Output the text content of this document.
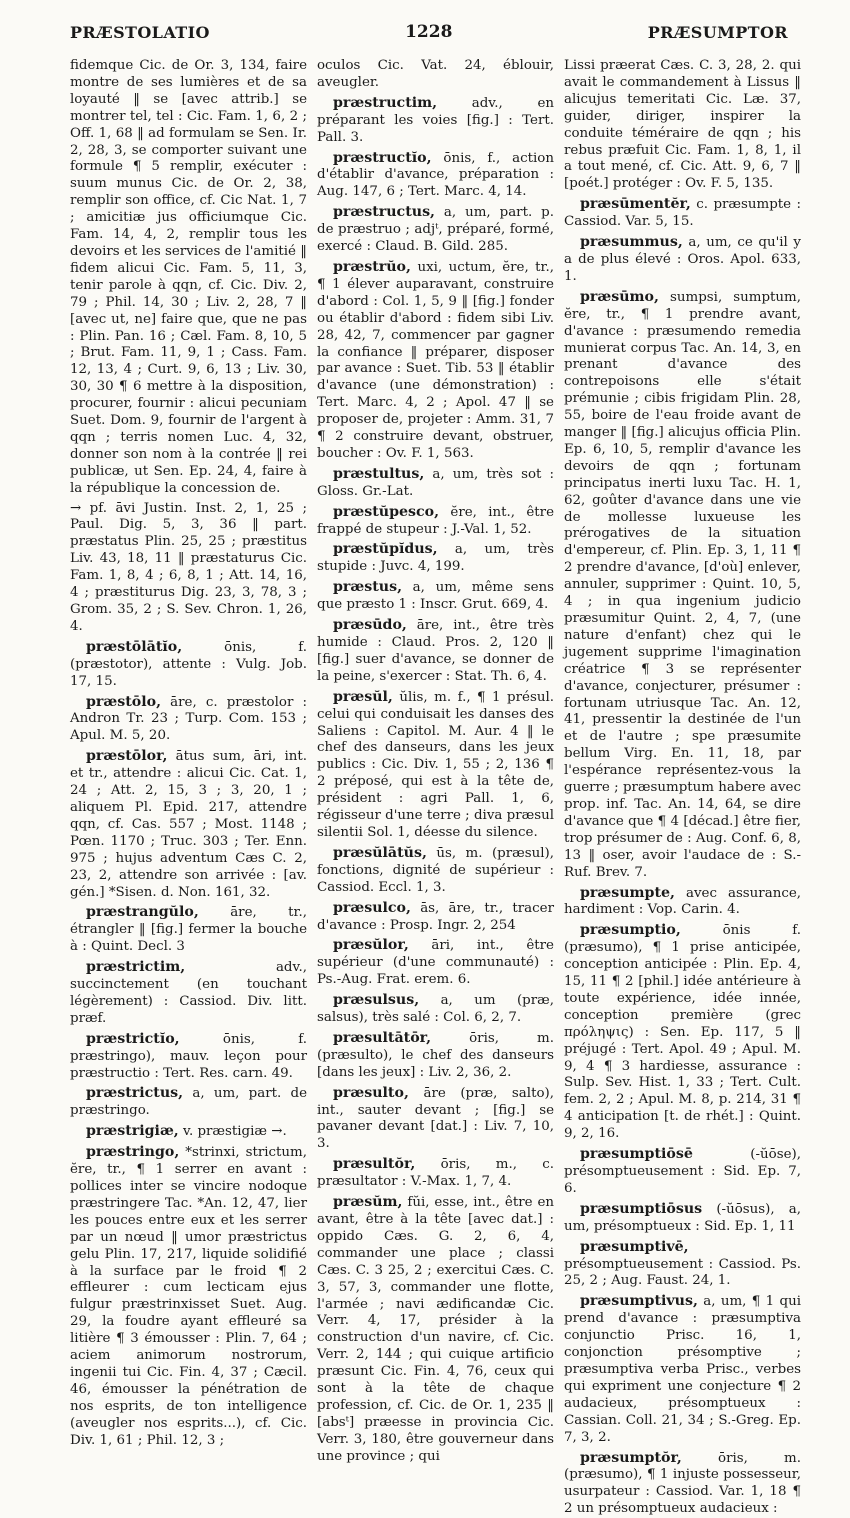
PRÆSTOLATIO	1228	PRÆSUMPTOR

fidemque Cic. de Or. 3, 134, faire montre de ses lumières et de sa loyauté ‖ se [avec attrib.] se montrer tel, tel : Cic. Fam. 1, 6, 2 ; Off. 1, 68 ‖ ad formulam se Sen. Ir. 2, 28, 3, se comporter suivant une formule ¶ 5 remplir, exécuter : suum munus Cic. de Or. 2, 38, remplir son office, cf. Cic Nat. 1, 7 ; amicitiæ jus officiumque Cic. Fam. 14, 4, 2, remplir tous les devoirs et les services de l'amitié ‖ fidem alicui Cic. Fam. 5, 11, 3, tenir parole à qqn, cf. Cic. Div. 2, 79 ; Phil. 14, 30 ; Liv. 2, 28, 7 ‖ [avec ut, ne] faire que, que ne pas : Plin. Pan. 16 ; Cæl. Fam. 8, 10, 5 ; Brut. Fam. 11, 9, 1 ; Cass. Fam. 12, 13, 4 ; Curt. 9, 6, 13 ; Liv. 30, 30, 30 ¶ 6 mettre à la disposition, procurer, fournir : alicui pecuniam Suet. Dom. 9, fournir de l'argent à qqn ; terris nomen Luc. 4, 32, donner son nom à la contrée ‖ rei publicæ, ut Sen. Ep. 24, 4, faire à la république la concession de.

→ pf. āvi Justin. Inst. 2, 1, 25 ; Paul. Dig. 5, 3, 36 ‖ part. præstatus Plin. 25, 25 ; præstitus Liv. 43, 18, 11 ‖ præstaturus Cic. Fam. 1, 8, 4 ; 6, 8, 1 ; Att. 14, 16, 4 ; præstiturus Dig. 23, 3, 78, 3 ; Grom. 35, 2 ; S. Sev. Chron. 1, 26, 4.

præstōlātĭo, ōnis, f. (præstotor), attente : Vulg. Job. 17, 15.

præstōlo, āre, c. præstolor : Andron Tr. 23 ; Turp. Com. 153 ; Apul. M. 5, 20.

præstōlor, ātus sum, āri, int. et tr., attendre : alicui Cic. Cat. 1, 24 ; Att. 2, 15, 3 ; 3, 20, 1 ; aliquem Pl. Epid. 217, attendre qqn, cf. Cas. 557 ; Most. 1148 ; Pœn. 1170 ; Truc. 303 ; Ter. Enn. 975 ; hujus adventum Cæs C. 2, 23, 2, attendre son arrivée : [av. gén.] *Sisen. d. Non. 161, 32.

præstrangŭlo, āre, tr., étrangler ‖ [fig.] fermer la bouche à : Quint. Decl. 3

præstrictim, adv., succinctement (en touchant légèrement) : Cassiod. Div. litt. præf.

præstrictĭo, ōnis, f. præstringo), mauv. leçon pour præstructio : Tert. Res. carn. 49.

præstrictus, a, um, part. de præstringo.

præstrigiæ, v. præstigiæ →.

præstringo, *strinxi, strictum, ĕre, tr., ¶ 1 serrer en avant : pollices inter se vincire nodoque præstringere Tac. *An. 12, 47, lier les pouces entre eux et les serrer par un nœud ‖ umor præstrictus gelu Plin. 17, 217, liquide solidifié à la surface par le froid ¶ 2 effleurer : cum lecticam ejus fulgur præstrinxisset Suet. Aug. 29, la foudre ayant effleuré sa litière ¶ 3 émousser : Plin. 7, 64 ; aciem animorum nostrorum, ingenii tui Cic. Fin. 4, 37 ; Cæcil. 46, émousser la pénétration de nos esprits, de ton intelligence (aveugler nos esprits...), cf. Cic. Div. 1, 61 ; Phil. 12, 3 ;

oculos Cic. Vat. 24, éblouir, aveugler.

præstructim, adv., en préparant les voies [fig.] : Tert. Pall. 3.

præstructĭo, ōnis, f., action d'établir d'avance, préparation : Aug. 147, 6 ; Tert. Marc. 4, 14.

præstructus, a, um, part. p. de præstruo ; adjᵗ, préparé, formé, exercé : Claud. B. Gild. 285.

præstrŭo, uxi, uctum, ĕre, tr., ¶ 1 élever auparavant, construire d'abord : Col. 1, 5, 9 ‖ [fig.] fonder ou établir d'abord : fidem sibi Liv. 28, 42, 7, commencer par gagner la confiance ‖ préparer, disposer par avance : Suet. Tib. 53 ‖ établir d'avance (une démonstration) : Tert. Marc. 4, 2 ; Apol. 47 ‖ se proposer de, projeter : Amm. 31, 7 ¶ 2 construire devant, obstruer, boucher : Ov. F. 1, 563.

præstultus, a, um, très sot : Gloss. Gr.-Lat.

præstŭpesco, ĕre, int., être frappé de stupeur : J.-Val. 1, 52.

præstŭpĭdus, a, um, très stupide : Juvc. 4, 199.

præstus, a, um, même sens que præsto 1 : Inscr. Grut. 669, 4.

præsūdo, āre, int., être très humide : Claud. Pros. 2, 120 ‖ [fig.] suer d'avance, se donner de la peine, s'exercer : Stat. Th. 6, 4.

præsŭl, ŭlis, m. f., ¶ 1 présul. celui qui conduisait les danses des Saliens : Capitol. M. Aur. 4 ‖ le chef des danseurs, dans les jeux publics : Cic. Div. 1, 55 ; 2, 136 ¶ 2 préposé, qui est à la tête de, président : agri Pall. 1, 6, régisseur d'une terre ; diva præsul silentii Sol. 1, déesse du silence.

præsŭlātŭs, ūs, m. (præsul), fonctions, dignité de supérieur : Cassiod. Eccl. 1, 3.

præsulco, ās, āre, tr., tracer d'avance : Prosp. Ingr. 2, 254

præsŭlor, āri, int., être supérieur (d'une communauté) : Ps.-Aug. Frat. erem. 6.

præsulsus, a, um (præ, salsus), très salé : Col. 6, 2, 7.

præsultātōr, ōris, m. (præsulto), le chef des danseurs [dans les jeux] : Liv. 2, 36, 2.

præsulto, āre (præ, salto), int., sauter devant ; [fig.] se pavaner devant [dat.] : Liv. 7, 10, 3.

præsultŏr, ōris, m., c. præsultator : V.-Max. 1, 7, 4.

præsŭm, fŭi, esse, int., être en avant, être à la tête [avec dat.] : oppido Cæs. G. 2, 6, 4, commander une place ; classi Cæs. C. 3 25, 2 ; exercitui Cæs. C. 3, 57, 3, commander une flotte, l'armée ; navi ædificandæ Cic. Verr. 4, 17, présider à la construction d'un navire, cf. Cic. Verr. 2, 144 ; qui cuique artificio præsunt Cic. Fin. 4, 76, ceux qui sont à la tête de chaque profession, cf. Cic. de Or. 1, 235 ‖ [absᵗ] præesse in provincia Cic. Verr. 3, 180, être gouverneur dans une province ; qui

Lissi præerat Cæs. C. 3, 28, 2. qui avait le commandement à Lissus ‖ alicujus temeritati Cic. Læ. 37, guider, diriger, inspirer la conduite téméraire de qqn ; his rebus præfuit Cic. Fam. 1, 8, 1, il a tout mené, cf. Cic. Att. 9, 6, 7 ‖ [poét.] protéger : Ov. F. 5, 135.

præsūmentĕr, c. præsumpte : Cassiod. Var. 5, 15.

præsummus, a, um, ce qu'il y a de plus élevé : Oros. Apol. 633, 1.

præsūmo, sumpsi, sumptum, ĕre, tr., ¶ 1 prendre avant, d'avance : præsumendo remedia munierat corpus Tac. An. 14, 3, en prenant d'avance des contrepoisons elle s'était prémunie ; cibis frigidam Plin. 28, 55, boire de l'eau froide avant de manger ‖ [fig.] alicujus officia Plin. Ep. 6, 10, 5, remplir d'avance les devoirs de qqn ; fortunam principatus inerti luxu Tac. H. 1, 62, goûter d'avance dans une vie de mollesse luxueuse les prérogatives de la situation d'empereur, cf. Plin. Ep. 3, 1, 11 ¶ 2 prendre d'avance, [d'où] enlever, annuler, supprimer : Quint. 10, 5, 4 ; in qua ingenium judicio præsumitur Quint. 2, 4, 7, (une nature d'enfant) chez qui le jugement supprime l'imagination créatrice ¶ 3 se représenter d'avance, conjecturer, présumer : fortunam utriusque Tac. An. 12, 41, pressentir la destinée de l'un et de l'autre ; spe præsumite bellum Virg. En. 11, 18, par l'espérance représentez-vous la guerre ; præsumptum habere avec prop. inf. Tac. An. 14, 64, se dire d'avance que ¶ 4 [décad.] être fier, trop présumer de : Aug. Conf. 6, 8, 13 ‖ oser, avoir l'audace de : S.-Ruf. Brev. 7.

præsumpte, avec assurance, hardiment : Vop. Carin. 4.

præsumptio, ōnis f. (præsumo), ¶ 1 prise anticipée, conception anticipée : Plin. Ep. 4, 15, 11 ¶ 2 [phil.] idée antérieure à toute expérience, idée innée, conception première (grec πρόληψις) : Sen. Ep. 117, 5 ‖ préjugé : Tert. Apol. 49 ; Apul. M. 9, 4 ¶ 3 hardiesse, assurance : Sulp. Sev. Hist. 1, 33 ; Tert. Cult. fem. 2, 2 ; Apul. M. 8, p. 214, 31 ¶ 4 anticipation [t. de rhét.] : Quint. 9, 2, 16.

præsumptiōsē (-ŭōse), présomptueusement : Sid. Ep. 7, 6.

præsumptiōsus (-ŭōsus), a, um, présomptueux : Sid. Ep. 1, 11

præsumptivē, présomptueusement : Cassiod. Ps. 25, 2 ; Aug. Faust. 24, 1.

præsumptivus, a, um, ¶ 1 qui prend d'avance : præsumptiva conjunctio Prisc. 16, 1, conjonction présomptive ; præsumptiva verba Prisc., verbes qui expriment une conjecture ¶ 2 audacieux, présomptueux : Cassian. Coll. 21, 34 ; S.-Greg. Ep. 7, 3, 2.

præsumptŏr, ōris, m. (præsumo), ¶ 1 injuste possesseur, usurpateur : Cassiod. Var. 1, 18 ¶ 2 un présomptueux audacieux :
